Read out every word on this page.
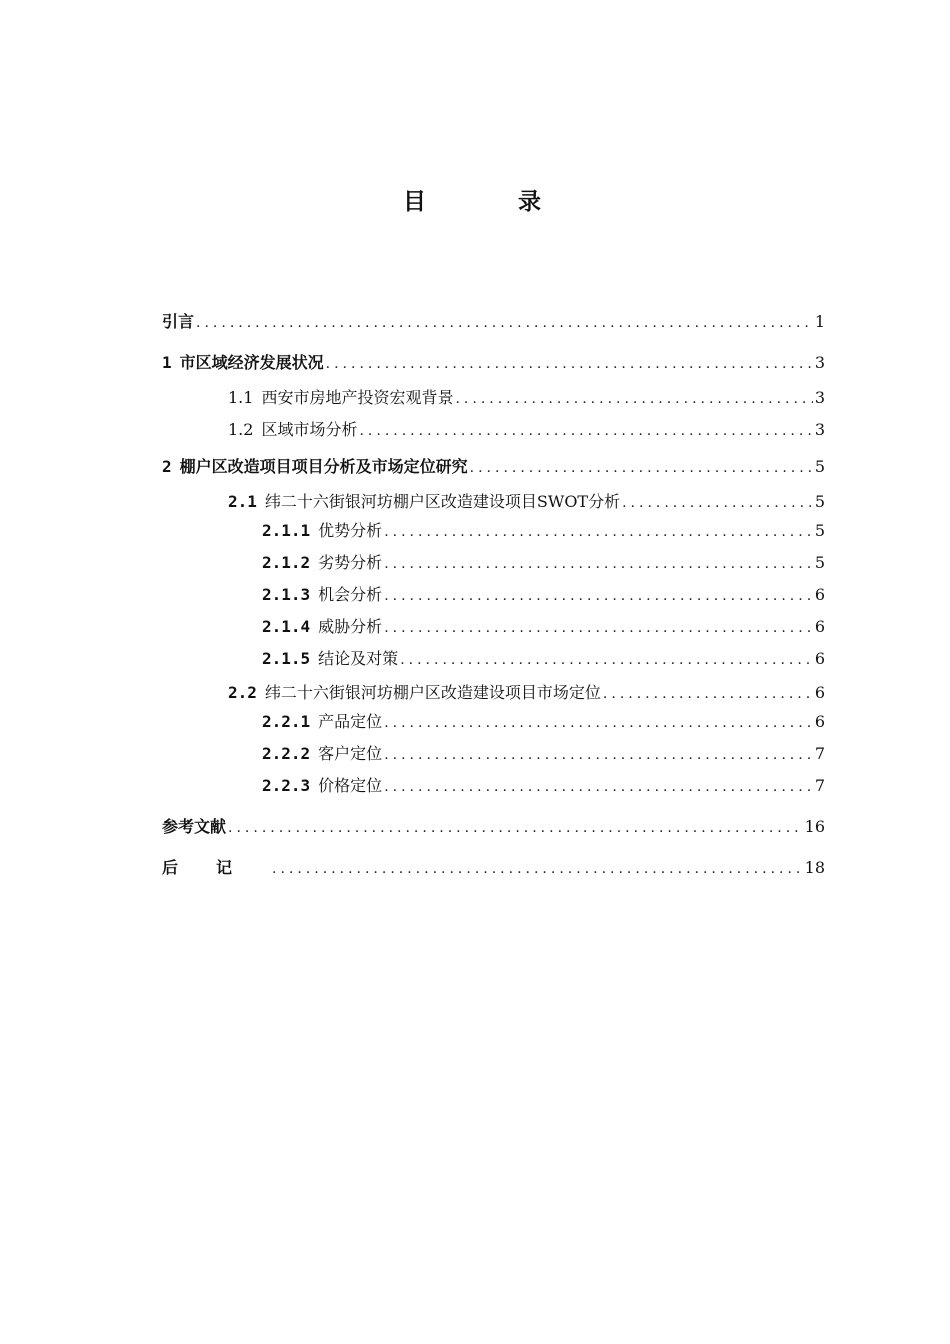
目 录
引言 .....	1
1 市区域经济发展状况 .....	3
1.1 西安市房地产投资宏观背景 .....	3
1.2 区域市场分析 .....	3
2 棚户区改造项目项目分析及市场定位研究 .....	5
2.1 纬二十六街银河坊棚户区改造建设项目SWOT分析 .....	5
2.1.1 优势分析 .....	5
2.1.2 劣势分析 .....	5
2.1.3 机会分析 .....	6
2.1.4 威胁分析 .....	6
2.1.5 结论及对策 .....	6
2.2 纬二十六街银河坊棚户区改造建设项目市场定位 .....	6
2.2.1 产品定位 .....	6
2.2.2 客户定位 .....	7
2.2.3 价格定位 .....	7
参考文献 .....	16
后记 .....	18
